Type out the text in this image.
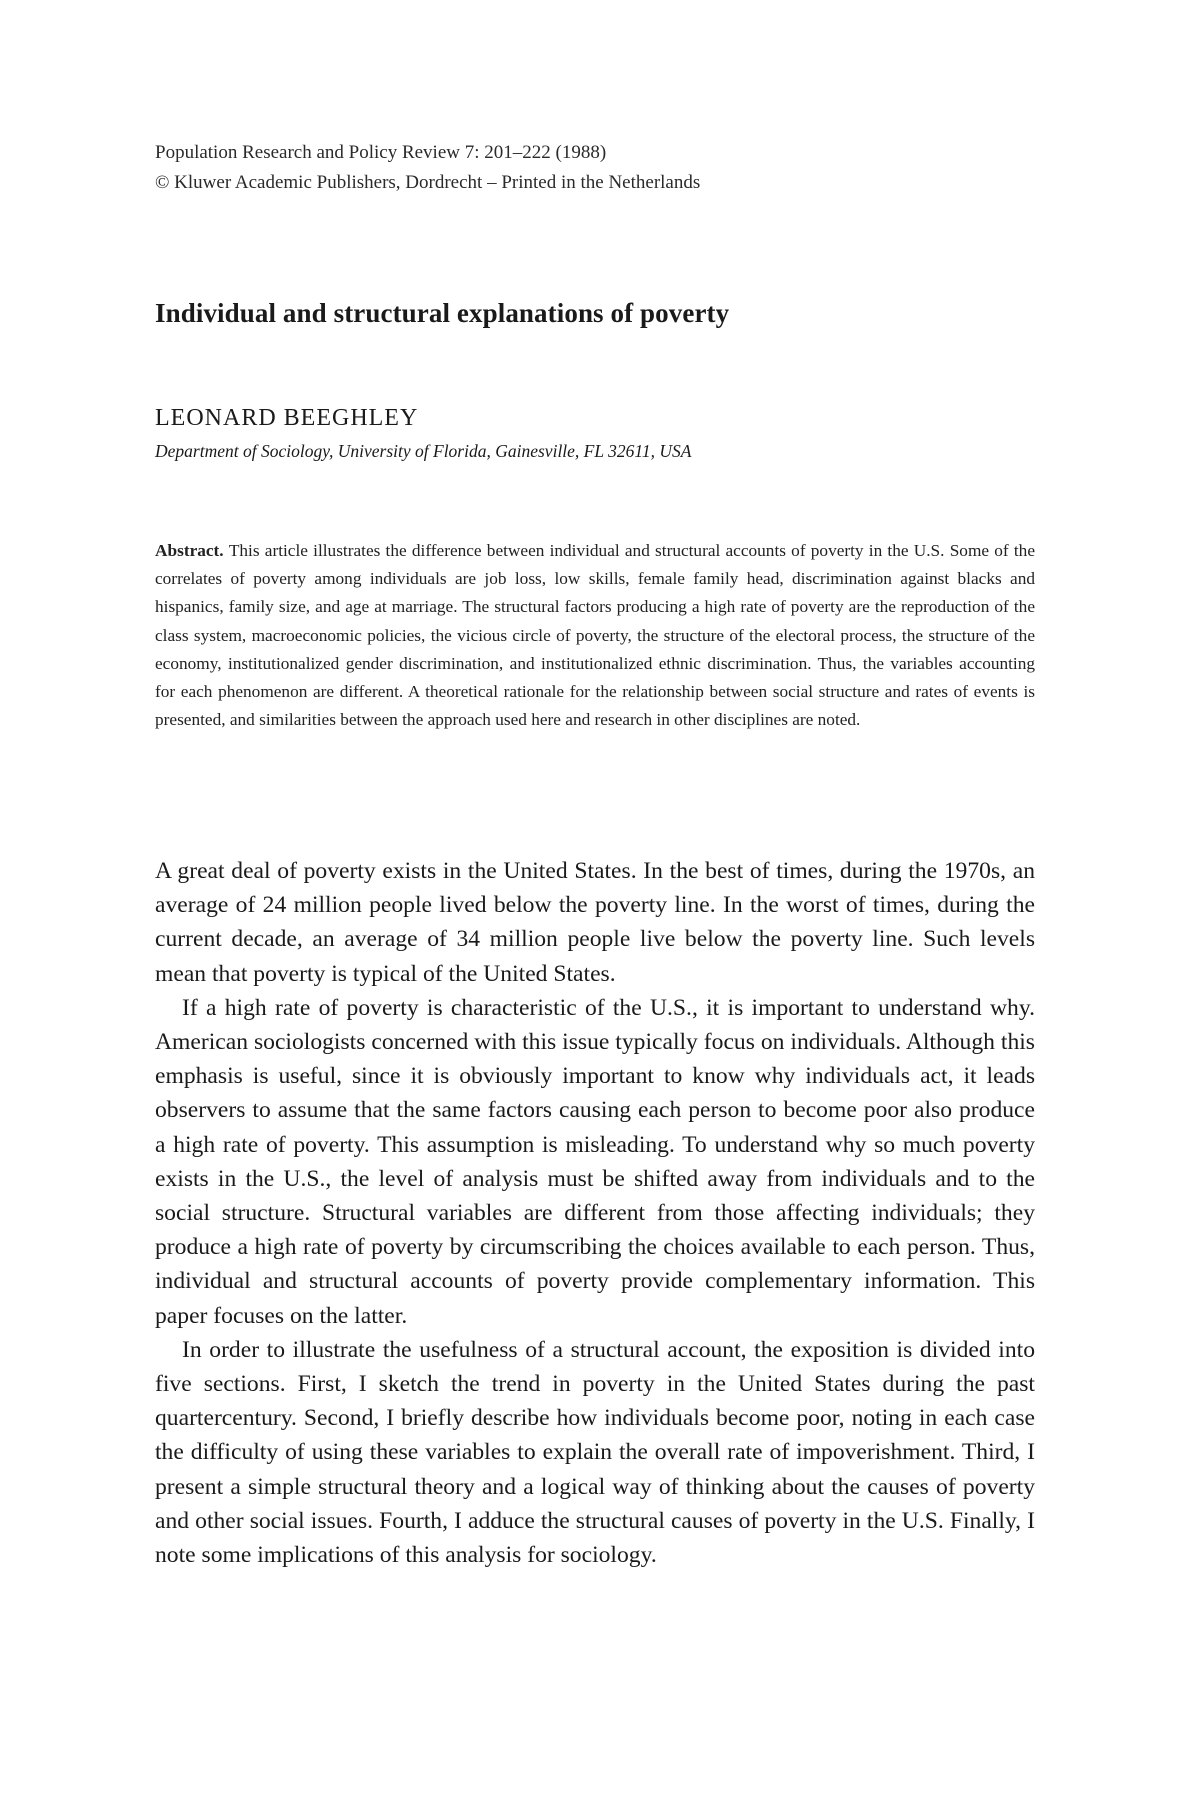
Population Research and Policy Review 7: 201–222 (1988)
© Kluwer Academic Publishers, Dordrecht – Printed in the Netherlands
Individual and structural explanations of poverty
LEONARD BEEGHLEY
Department of Sociology, University of Florida, Gainesville, FL 32611, USA
Abstract. This article illustrates the difference between individual and structural accounts of poverty in the U.S. Some of the correlates of poverty among individuals are job loss, low skills, female family head, discrimination against blacks and hispanics, family size, and age at marriage. The structural factors producing a high rate of poverty are the reproduction of the class system, macroeconomic policies, the vicious circle of poverty, the structure of the electoral process, the structure of the economy, institutionalized gender discrimination, and institutionalized ethnic discrimination. Thus, the variables accounting for each phenomenon are different. A theoretical rationale for the relationship between social structure and rates of events is presented, and similarities between the approach used here and research in other disciplines are noted.

A great deal of poverty exists in the United States. In the best of times, during the 1970s, an average of 24 million people lived below the poverty line. In the worst of times, during the current decade, an average of 34 million people live below the poverty line. Such levels mean that poverty is typical of the United States.

If a high rate of poverty is characteristic of the U.S., it is important to understand why. American sociologists concerned with this issue typically focus on individuals. Although this emphasis is useful, since it is obviously important to know why individuals act, it leads observers to assume that the same factors causing each person to become poor also produce a high rate of poverty. This assumption is misleading. To understand why so much poverty exists in the U.S., the level of analysis must be shifted away from individuals and to the social structure. Structural variables are different from those affecting individuals; they produce a high rate of poverty by circumscribing the choices available to each person. Thus, individual and structural accounts of poverty provide complementary information. This paper focuses on the latter.

In order to illustrate the usefulness of a structural account, the exposition is divided into five sections. First, I sketch the trend in poverty in the United States during the past quartercentury. Second, I briefly describe how individuals become poor, noting in each case the difficulty of using these variables to explain the overall rate of impoverishment. Third, I present a simple structural theory and a logical way of thinking about the causes of poverty and other social issues. Fourth, I adduce the structural causes of poverty in the U.S. Finally, I note some implications of this analysis for sociology.
